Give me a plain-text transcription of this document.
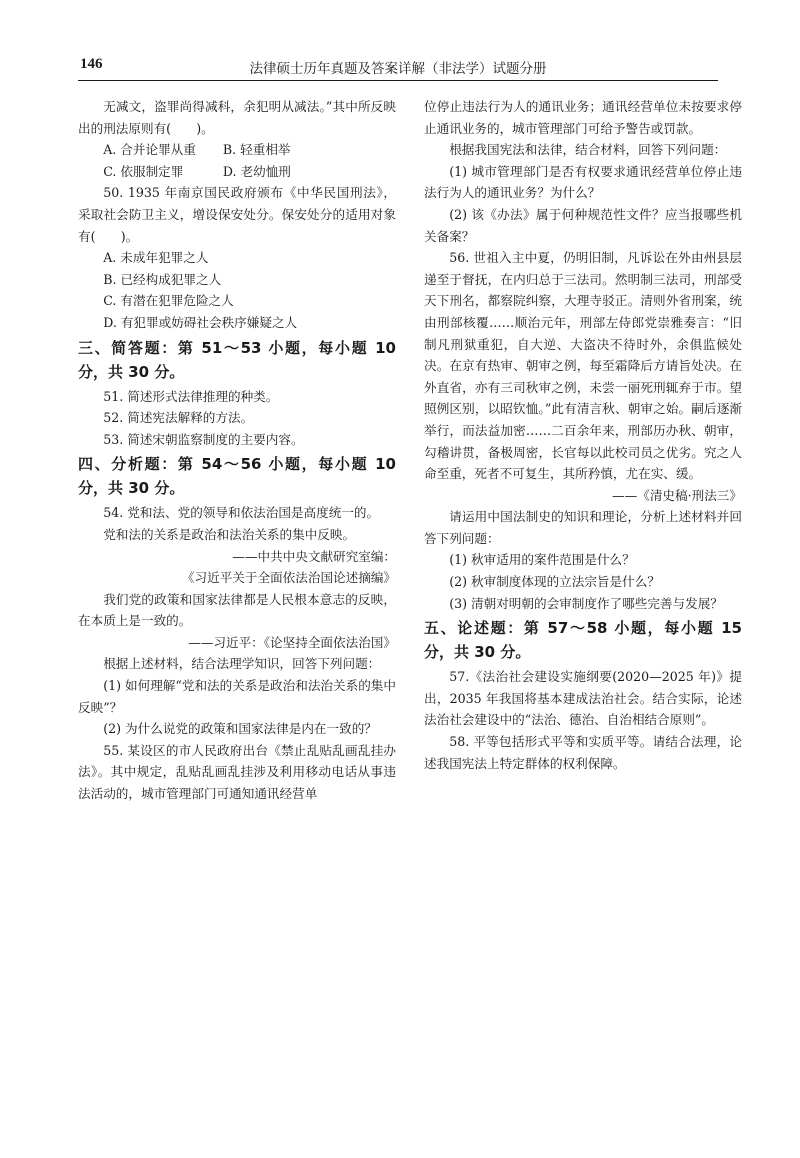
146	法律硕士历年真题及答案详解（非法学）试题分册

无减文，盗罪尚得减科，余犯明从减法。”其中所反映出的刑法原则有(　　)。

A. 合并论罪从重	B. 轻重相举

C. 依服制定罪	D. 老幼恤刑

50. 1935 年南京国民政府颁布《中华民国刑法》，采取社会防卫主义，增设保安处分。保安处分的适用对象有(　　)。

A. 未成年犯罪之人

B. 已经构成犯罪之人

C. 有潜在犯罪危险之人

D. 有犯罪或妨碍社会秩序嫌疑之人

三、简答题：第 51～53 小题，每小题 10 分，共 30 分。

51. 简述形式法律推理的种类。

52. 简述宪法解释的方法。

53. 简述宋朝监察制度的主要内容。

四、分析题：第 54～56 小题，每小题 10 分，共 30 分。

54. 党和法、党的领导和依法治国是高度统一的。

党和法的关系是政治和法治关系的集中反映。

——中共中央文献研究室编：

《习近平关于全面依法治国论述摘编》

我们党的政策和国家法律都是人民根本意志的反映，在本质上是一致的。

——习近平：《论坚持全面依法治国》

根据上述材料，结合法理学知识，回答下列问题：

(1) 如何理解“党和法的关系是政治和法治关系的集中反映”？

(2) 为什么说党的政策和国家法律是内在一致的？

55. 某设区的市人民政府出台《禁止乱贴乱画乱挂办法》。其中规定，乱贴乱画乱挂涉及利用移动电话从事违法活动的，城市管理部门可通知通讯经营单

位停止违法行为人的通讯业务；通讯经营单位未按要求停止通讯业务的，城市管理部门可给予警告或罚款。

根据我国宪法和法律，结合材料，回答下列问题：

(1) 城市管理部门是否有权要求通讯经营单位停止违法行为人的通讯业务？为什么？

(2) 该《办法》属于何种规范性文件？应当报哪些机关备案？

56. 世祖入主中夏，仍明旧制，凡诉讼在外由州县层递至于督抚，在内归总于三法司。然明制三法司，刑部受天下刑名，都察院纠察，大理寺驳正。清则外省刑案，统由刑部核覆……顺治元年，刑部左侍郎党崇雅奏言：“旧制凡刑狱重犯，自大逆、大盗决不待时外，余俱监候处决。在京有热审、朝审之例，每至霜降后方请旨处决。在外直省，亦有三司秋审之例，未尝一丽死刑辄弃于市。望照例区别，以昭钦恤。”此有清言秋、朝审之始。嗣后逐渐举行，而法益加密……二百余年来，刑部历办秋、朝审，勾稽讲贯，备极周密，长官每以此校司员之优劣。究之人命至重，死者不可复生，其所矜慎，尤在实、缓。

——《清史稿·刑法三》

请运用中国法制史的知识和理论，分析上述材料并回答下列问题：

(1) 秋审适用的案件范围是什么？

(2) 秋审制度体现的立法宗旨是什么？

(3) 清朝对明朝的会审制度作了哪些完善与发展？

五、论述题：第 57～58 小题，每小题 15 分，共 30 分。

57.《法治社会建设实施纲要(2020—2025 年)》提出，2035 年我国将基本建成法治社会。结合实际，论述法治社会建设中的“法治、德治、自治相结合原则”。

58. 平等包括形式平等和实质平等。请结合法理，论述我国宪法上特定群体的权利保障。
